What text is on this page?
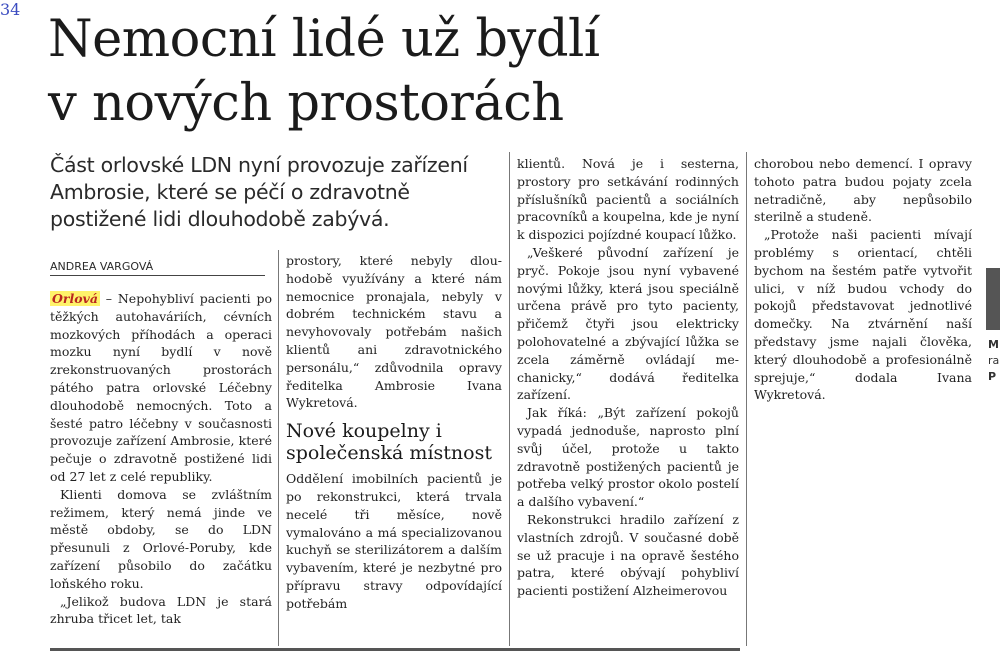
34
Nemocní lidé už bydlí
v nových prostorách

Část orlovské LDN nyní provozuje zařízení Ambrosie, které se péčí o zdravotně postižené lidi dlouhodobě zabývá.

ANDREA VARGOVÁ

Orlová – Nepohybliví pacienti po těžkých autohaváriích, cévních mozkových příhodách a operaci mozku nyní bydlí v nově zrekonstruovaných prostorách pátého patra orlovské Léčebny dlouhodobě nemocných. Toto a šesté patro léčebny v současnosti provozuje zařízení Ambrosie, které pečuje o zdravotně postižené lidi od 27 let z celé republiky.

Klienti domova se zvláštním režimem, který nemá jinde ve městě obdoby, se do LDN přesunuli z Orlové-Poruby, kde zařízení působilo do začátku loňského roku.

„Jelikož budova LDN je stará zhruba třicet let, tak

prostory, které nebyly dlouhodobě využívány a které nám nemocnice pronajala, nebyly v dobrém technickém stavu a nevyhovovaly potřebám našich klientů ani zdravotnického personálu,“ zdůvodnila opravy ředitelka Ambrosie Ivana Wykretová.

Nové koupelny i společenská místnost

Oddělení imobilních pacientů je po rekonstrukci, která trvala necelé tři měsíce, nově vymalováno a má specializovanou kuchyň se sterilizátorem a dalším vybavením, které je nezbytné pro přípravu stravy odpovídající potřebám

klientů. Nová je i sesterna, prostory pro setkávání rodinných příslušníků pacientů a sociálních pracovníků a koupelna, kde je nyní k dispozici pojízdné koupací lůžko.

„Veškeré původní zařízení je pryč. Pokoje jsou nyní vybavené novými lůžky, která jsou speciálně určena právě pro tyto pacienty, přičemž čtyři jsou elektricky polohovatelné a zbývající lůžka se zcela záměrně ovládají mechanicky,“ dodává ředitelka zařízení.

Jak říká: „Být zařízení pokojů vypadá jednoduše, naprosto plní svůj účel, protože u takto zdravotně postižených pacientů je potřeba velký prostor okolo postelí a dalšího vybavení.“

Rekonstrukci hradilo zařízení z vlastních zdrojů. V současné době se už pracuje i na opravě šestého patra, které obývají pohybliví pacienti postižení Alzheimerovou

chorobou nebo demencí. I opravy tohoto patra budou pojaty zcela netradičně, aby nepůsobilo sterilně a studeně.

„Protože naši pacienti mívají problémy s orientací, chtěli bychom na šestém patře vytvořit ulici, v níž budou vchody do pokojů představovat jednotlivé domečky. Na ztvárnění naší představy jsme najali člověka, který dlouhodobě a profesionálně sprejuje,“ dodala Ivana Wykretová.

M
ra
P
